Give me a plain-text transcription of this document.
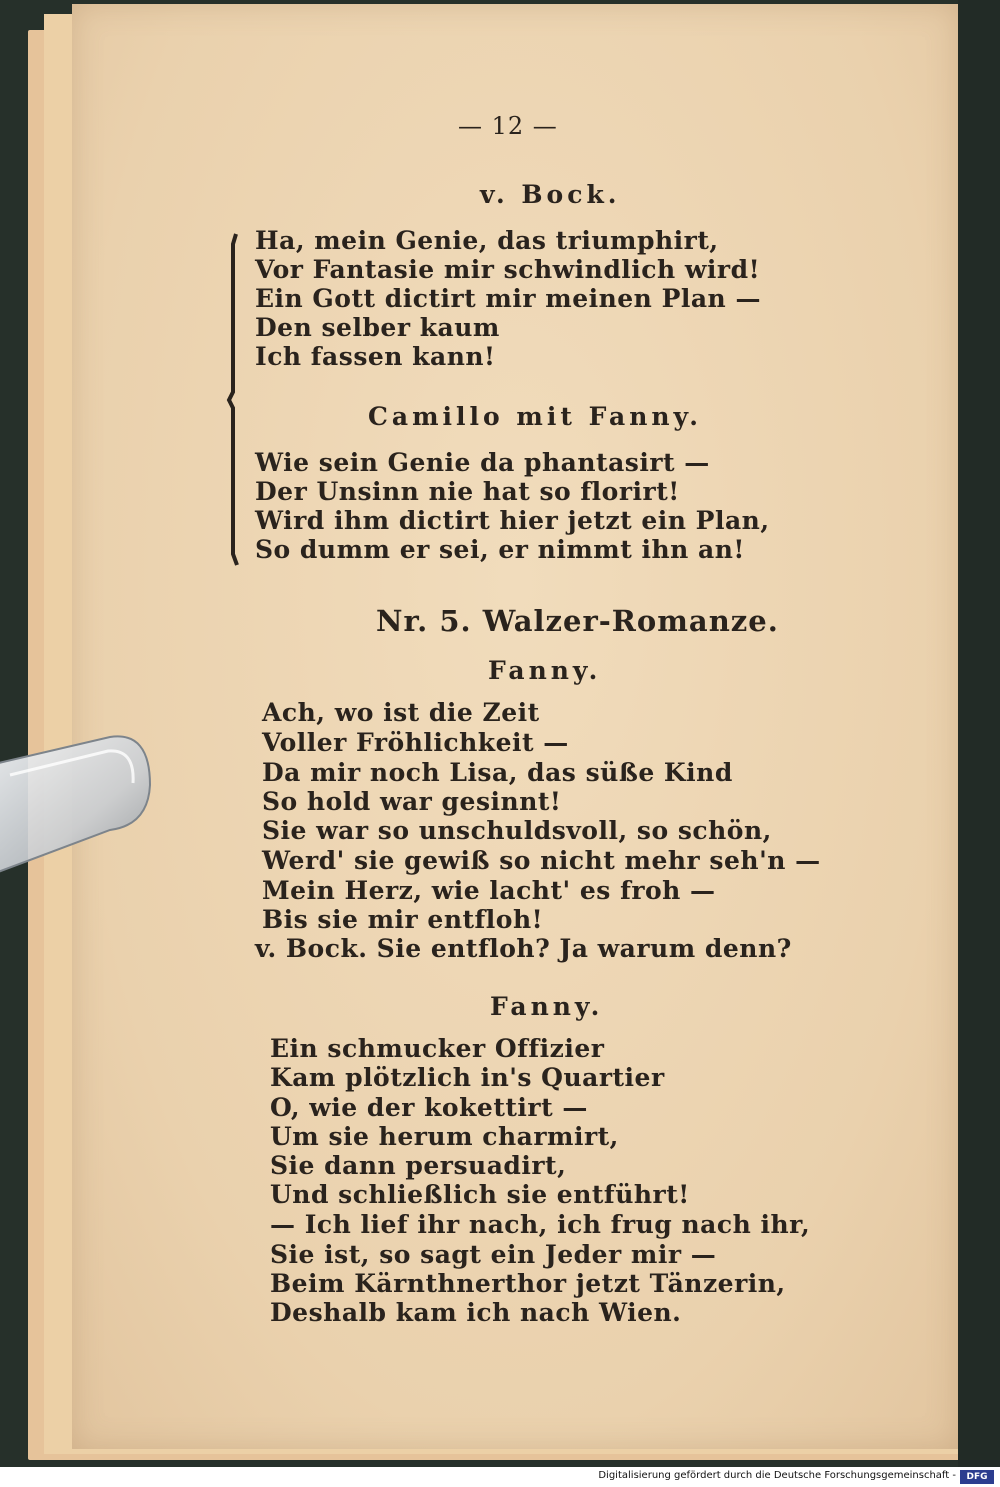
— 12 —
v. Bock.
Ha, mein Genie, das triumphirt,
Vor Fantasie mir schwindlich wird!
Ein Gott dictirt mir meinen Plan —
Den selber kaum
Ich fassen kann!
Camillo mit Fanny.
Wie sein Genie da phantasirt —
Der Unsinn nie hat so florirt!
Wird ihm dictirt hier jetzt ein Plan,
So dumm er sei, er nimmt ihn an!
Nr. 5. Walzer-Romanze.
Fanny.
Ach, wo ist die Zeit
Voller Fröhlichkeit —
Da mir noch Lisa, das süße Kind
So hold war gesinnt!
Sie war so unschuldsvoll, so schön,
Werd' sie gewiß so nicht mehr seh'n —
Mein Herz, wie lacht' es froh —
Bis sie mir entfloh!
v. Bock. Sie entfloh? Ja warum denn?
Fanny.
Ein schmucker Offizier
Kam plötzlich in's Quartier
O, wie der kokettirt —
Um sie herum charmirt,
Sie dann persuadirt,
Und schließlich sie entführt!
— Ich lief ihr nach, ich frug nach ihr,
Sie ist, so sagt ein Jeder mir —
Beim Kärnthnerthor jetzt Tänzerin,
Deshalb kam ich nach Wien.
Digitalisierung gefördert durch die Deutsche Forschungsgemeinschaft -	DFG
